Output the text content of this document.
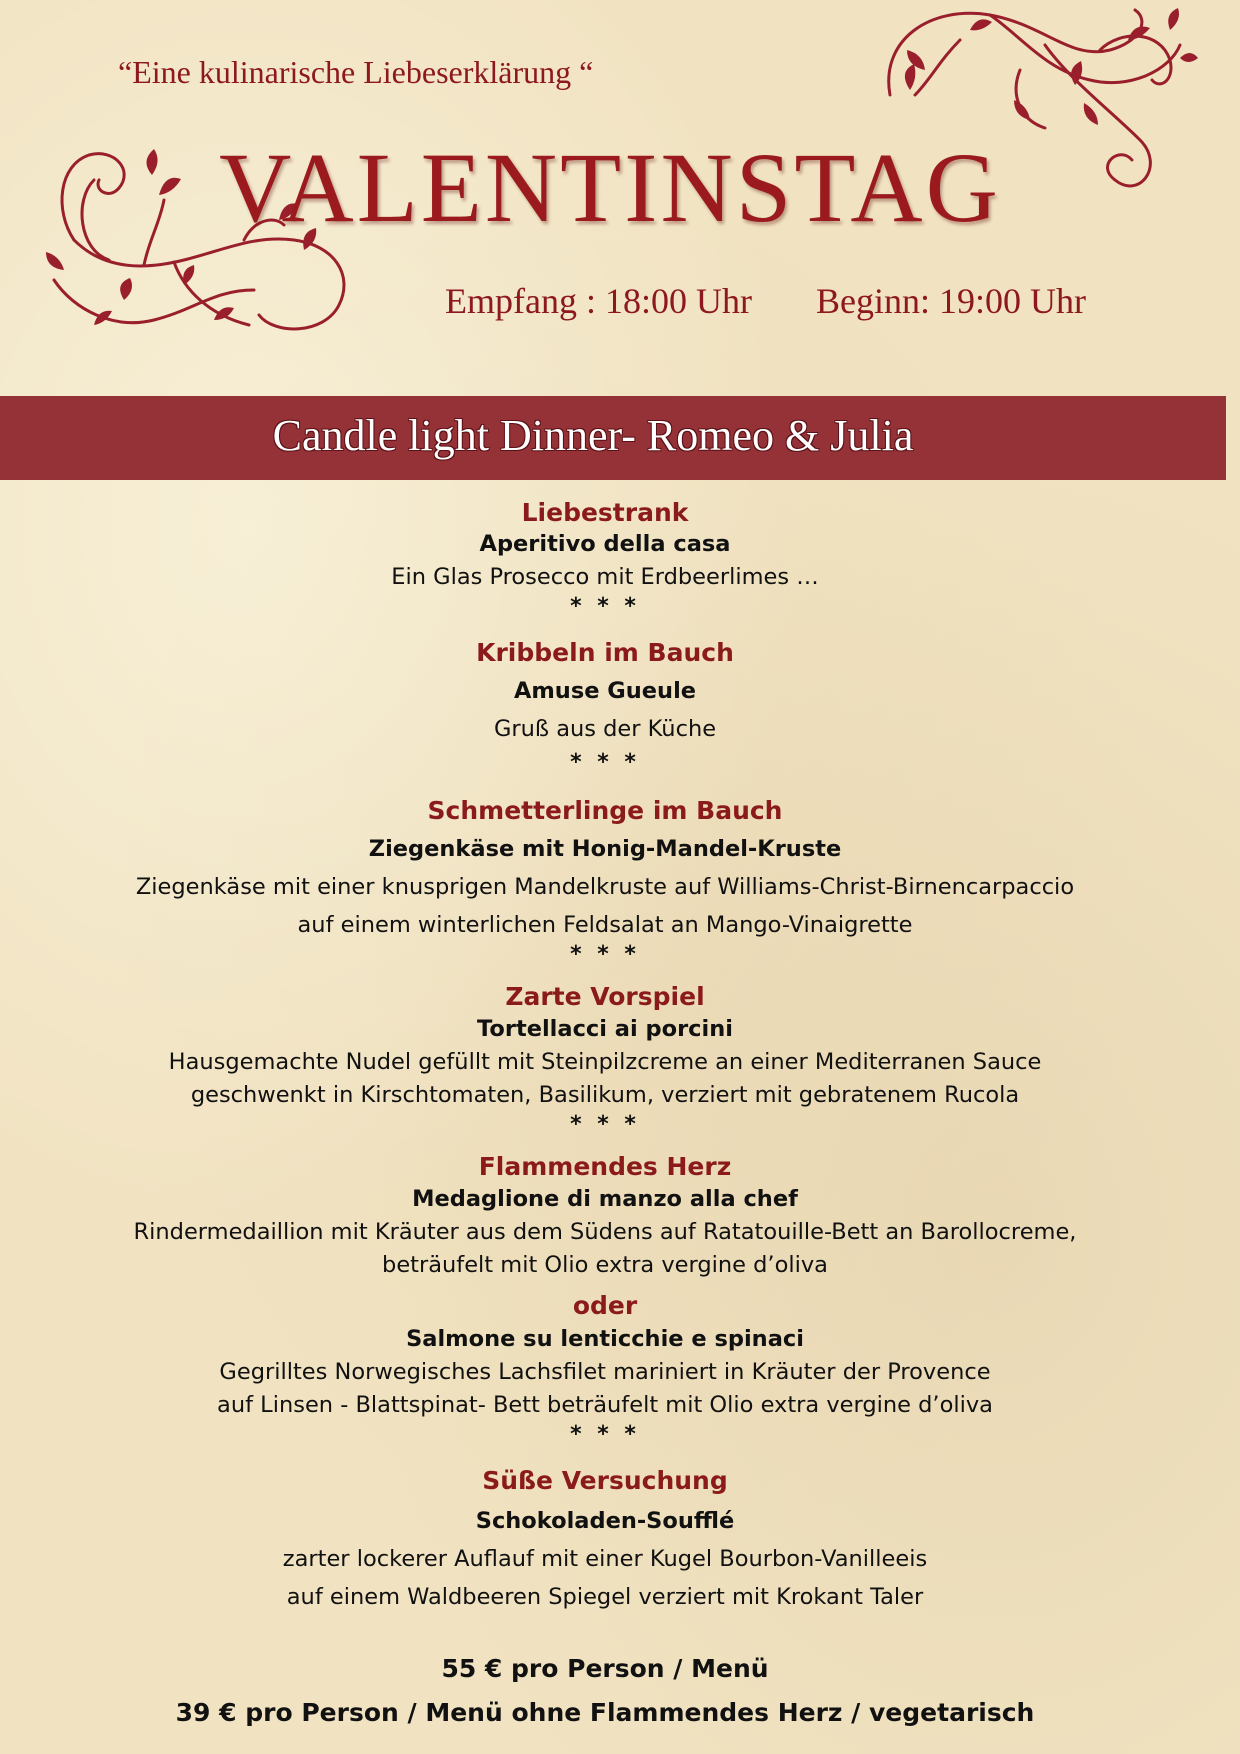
“Eine kulinarische Liebeserklärung “
VALENTINSTAG
Empfang : 18:00 Uhr Beginn: 19:00 Uhr
Candle light Dinner- Romeo & Julia
Liebestrank
Aperitivo della casa
Ein Glas Prosecco mit Erdbeerlimes …
* * *
Kribbeln im Bauch
Amuse Gueule
Gruß aus der Küche
* * *
Schmetterlinge im Bauch
Ziegenkäse mit Honig-Mandel-Kruste
Ziegenkäse mit einer knusprigen Mandelkruste auf Williams-Christ-Birnencarpaccio
auf einem winterlichen Feldsalat an Mango-Vinaigrette
* * *
Zarte Vorspiel
Tortellacci ai porcini
Hausgemachte Nudel gefüllt mit Steinpilzcreme an einer Mediterranen Sauce
geschwenkt in Kirschtomaten, Basilikum, verziert mit gebratenem Rucola
* * *
Flammendes Herz
Medaglione di manzo alla chef
Rindermedaillion mit Kräuter aus dem Südens auf Ratatouille-Bett an Barollocreme,
beträufelt mit Olio extra vergine d’oliva
oder
Salmone su lenticchie e spinaci
Gegrilltes Norwegisches Lachsfilet mariniert in Kräuter der Provence
auf Linsen - Blattspinat- Bett beträufelt mit Olio extra vergine d’oliva
* * *
Süße Versuchung
Schokoladen-Soufflé
zarter lockerer Auflauf mit einer Kugel Bourbon-Vanilleeis
auf einem Waldbeeren Spiegel verziert mit Krokant Taler
55 € pro Person / Menü
39 € pro Person / Menü ohne Flammendes Herz / vegetarisch
